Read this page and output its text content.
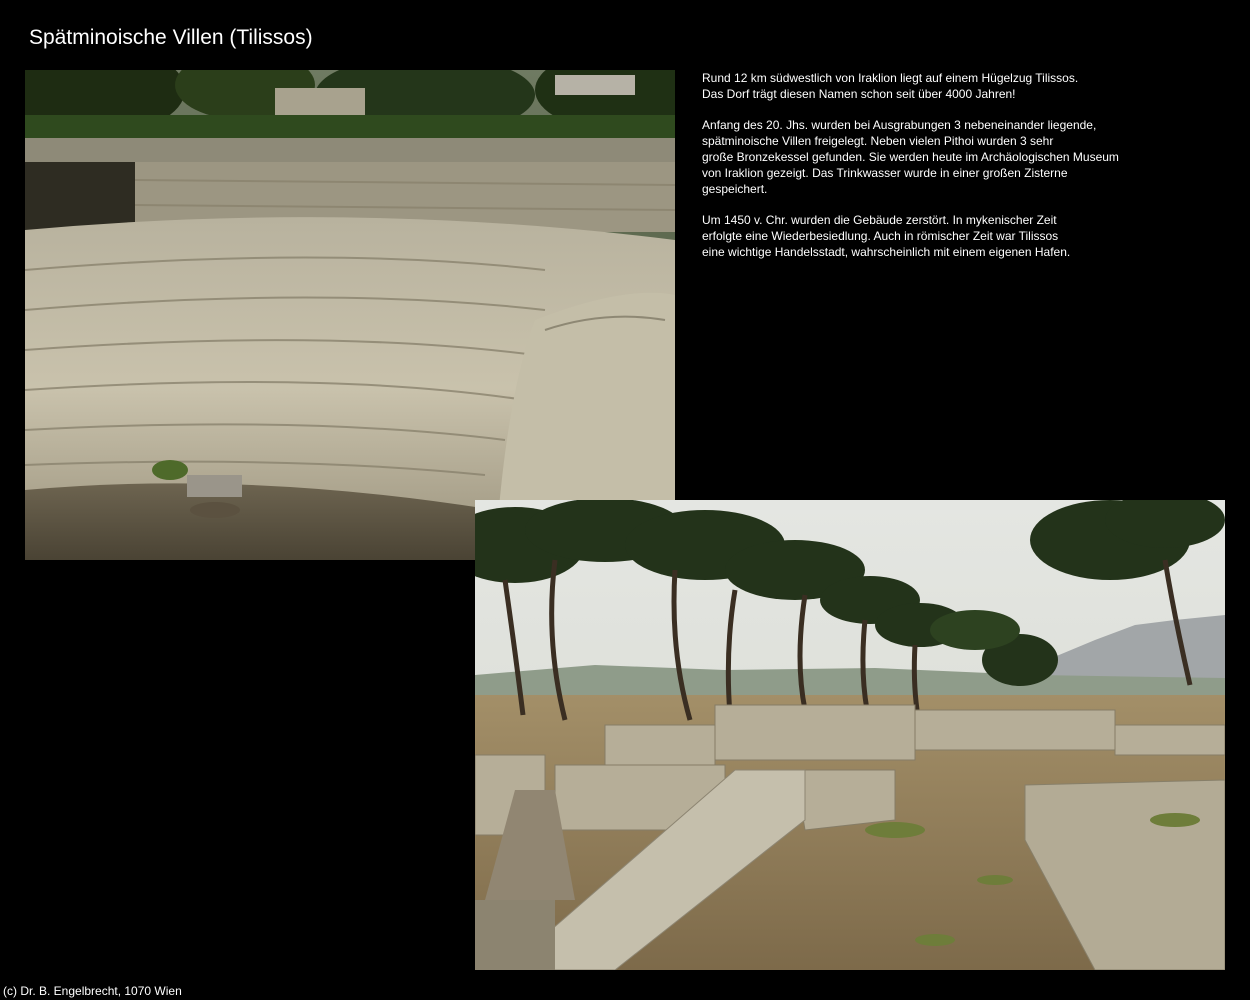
Spätminoische Villen (Tilissos)

Rund 12 km südwestlich von Iraklion liegt auf einem Hügelzug Tilissos.
Das Dorf trägt diesen Namen schon seit über 4000 Jahren!

Anfang des 20. Jhs. wurden bei Ausgrabungen 3 nebeneinander liegende,
spätminoische Villen freigelegt. Neben vielen Pithoi wurden 3 sehr
große Bronzekessel gefunden. Sie werden heute im Archäologischen Museum
von Iraklion gezeigt. Das Trinkwasser wurde in einer großen Zisterne
gespeichert.

Um 1450 v. Chr. wurden die Gebäude zerstört. In mykenischer Zeit
erfolgte eine Wiederbesiedlung. Auch in römischer Zeit war Tilissos
eine wichtige Handelsstadt, wahrscheinlich mit einem eigenen Hafen.

(c) Dr. B. Engelbrecht, 1070 Wien
